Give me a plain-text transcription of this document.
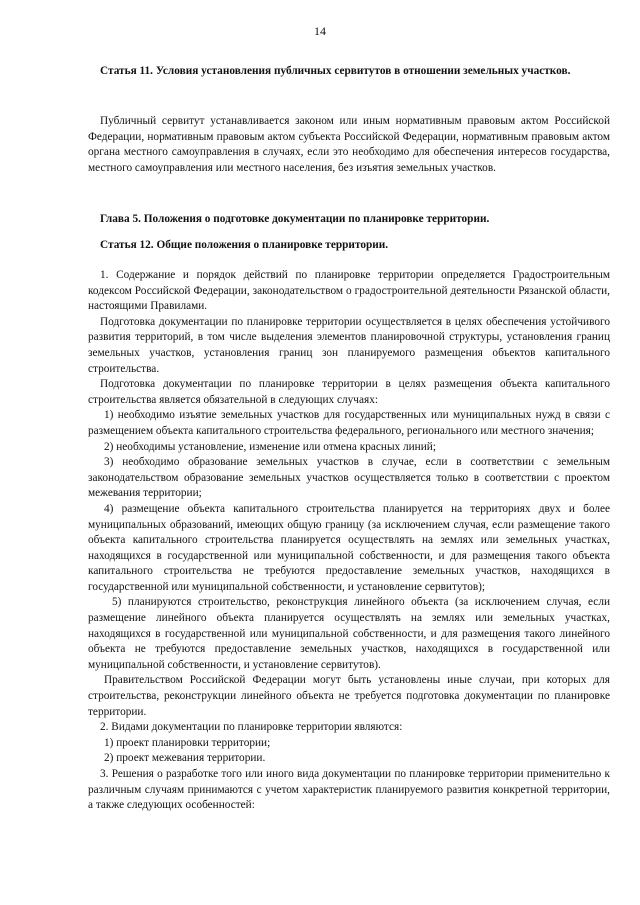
14

Статья 11. Условия установления публичных сервитутов в отношении земельных участков.

Публичный сервитут устанавливается законом или иным нормативным правовым актом Российской Федерации, нормативным правовым актом субъекта Российской Федерации, нормативным правовым актом органа местного самоуправления в случаях, если это необходимо для обеспечения интересов государства, местного самоуправления или местного населения, без изъятия земельных участков.

Глава 5. Положения о подготовке документации по планировке территории.

Статья 12. Общие положения о планировке территории.

1. Содержание и порядок действий по планировке территории определяется Градостроительным кодексом Российской Федерации, законодательством о градостроительной деятельности Рязанской области, настоящими Правилами.

Подготовка документации по планировке территории осуществляется в целях обеспечения устойчивого развития территорий, в том числе выделения элементов планировочной структуры, установления границ земельных участков, установления границ зон планируемого размещения объектов капитального строительства.

Подготовка документации по планировке территории в целях размещения объекта капитального строительства является обязательной в следующих случаях:

1) необходимо изъятие земельных участков для государственных или муниципальных нужд в связи с размещением объекта капитального строительства федерального, регионального или местного значения;

2) необходимы установление, изменение или отмена красных линий;

3) необходимо образование земельных участков в случае, если в соответствии с земельным законодательством образование земельных участков осуществляется только в соответствии с проектом межевания территории;

4) размещение объекта капитального строительства планируется на территориях двух и более муниципальных образований, имеющих общую границу (за исключением случая, если размещение такого объекта капитального строительства планируется осуществлять на землях или земельных участках, находящихся в государственной или муниципальной собственности, и для размещения такого объекта капитального строительства не требуются предоставление земельных участков, находящихся в государственной или муниципальной собственности, и установление сервитутов);

5) планируются строительство, реконструкция линейного объекта (за исключением случая, если размещение линейного объекта планируется осуществлять на землях или земельных участках, находящихся в государственной или муниципальной собственности, и для размещения такого линейного объекта не требуются предоставление земельных участков, находящихся в государственной или муниципальной собственности, и установление сервитутов).

Правительством Российской Федерации могут быть установлены иные случаи, при которых для строительства, реконструкции линейного объекта не требуется подготовка документации по планировке территории.

2. Видами документации по планировке территории являются:

1) проект планировки территории;

2) проект межевания территории.

3. Решения о разработке того или иного вида документации по планировке территории применительно к различным случаям принимаются с учетом характеристик планируемого развития конкретной территории, а также следующих особенностей:
